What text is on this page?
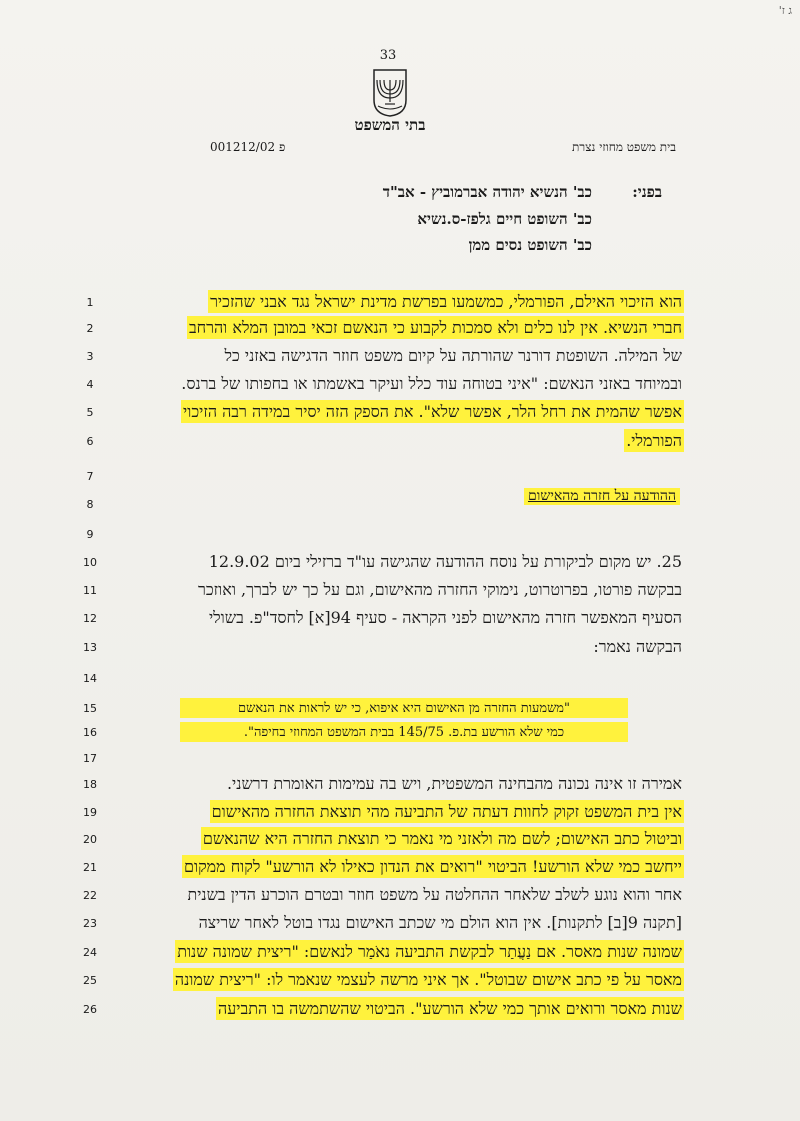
ג ז'
33
בתי המשפט
בית משפט מחוזי נצרת
פ 001212/02
בפני:
כב' הנשיא יהודה אברמוביץ - אב"ד
כב' השופט חיים גלפז-ס.נשיא
כב' השופט נסים ממן
1
2
3
4
5
6
7
8
9
10
11
12
13
14
15
16
17
18
19
20
21
22
23
24
25
26
הוא הזיכוי האילם, הפורמלי, כמשמעו בפרשת מדינת ישראל נגד אבני שהזכיר
חברי הנשיא. אין לנו כלים ולא סמכות לקבוע כי הנאשם זכאי במובן המלא והרחב
של המילה. השופטת דורנר שהורתה על קיום משפט חוזר הדגישה באזני כל
ובמיוחד באזני הנאשם: "איני בטוחה עוד כלל ועיקר באשמתו או בחפותו של ברנס.
אפשר שהמית את רחל הלר, אפשר שלא". את הספק הזה יסיר במידה רבה הזיכוי
הפורמלי.
ההודעה על חזרה מהאישום
25. יש מקום לביקורת על נוסח ההודעה שהגישה עו"ד ברזילי ביום 12.9.02
בבקשה פורטו, בפרוטרוט, נימוקי החזרה מהאישום, וגם על כך יש לברך, ואוזכר
הסעיף המאפשר חזרה מהאישום לפני הקראה - סעיף 94[א] לחסד"פ. בשולי
הבקשה נאמר:
"משמעות החזרה מן האישום היא איפוא, כי יש לראות את הנאשם
כמי שלא הורשע בת.פ. 145/75 בבית המשפט המחוזי בחיפה".
אמירה זו אינה נכונה מהבחינה המשפטית, ויש בה עמימות האומרת דרשני.
אין בית המשפט זקוק לחוות דעתה של התביעה מהי תוצאת החזרה מהאישום
וביטול כתב האישום; לשם מה ולאזני מי נאמר כי תוצאת החזרה היא שהנאשם
ייחשב כמי שלא הורשע! הביטוי "רואים את הנדון כאילו לא הורשע" לקוח ממקום
אחר והוא נוגע לשלב שלאחר ההחלטה על משפט חוזר ובטרם הוכרע הדין בשנית
[תקנה 9[ב] לתקנות]. אין הוא הולם מי שכתב האישום נגדו בוטל לאחר שריצה
שמונה שנות מאסר. אם נַעֲתַר לבקשת התביעה נאֹמַר לנאשם: "ריצית שמונה שנות
מאסר על פי כתב אישום שבוטל". אך איני מרשה לעצמי שנאמר לו: "ריצית שמונה
שנות מאסר ורואים אותך כמי שלא הורשע". הביטוי שהשתמשה בו התביעה
